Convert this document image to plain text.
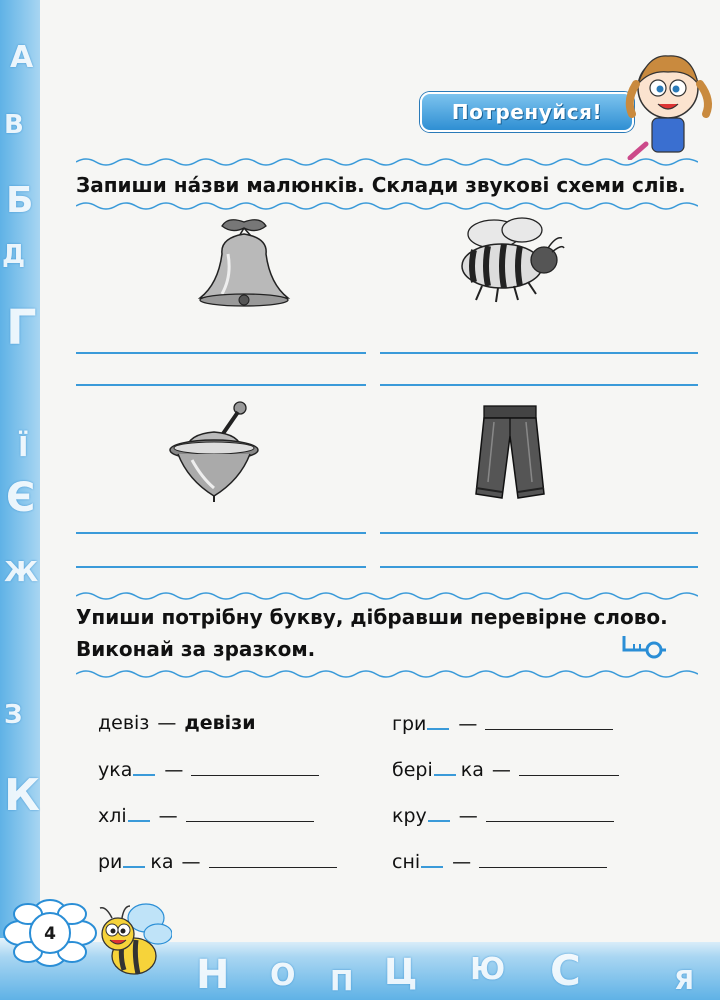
А
В
Б
Д
Г
Ї
Є
Ж
З
К
Н О П Ц Ю С	Я
Потренуйся!
Запиши на́зви малюнків. Склади звукові схеми слів.
Упиши потрібну букву, дібравши перевірне слово.
Виконай за зразком.
девіз — девізи
ука —
хлі —
ри ка —
гри —
бері ка —
кру —
сні —
4
